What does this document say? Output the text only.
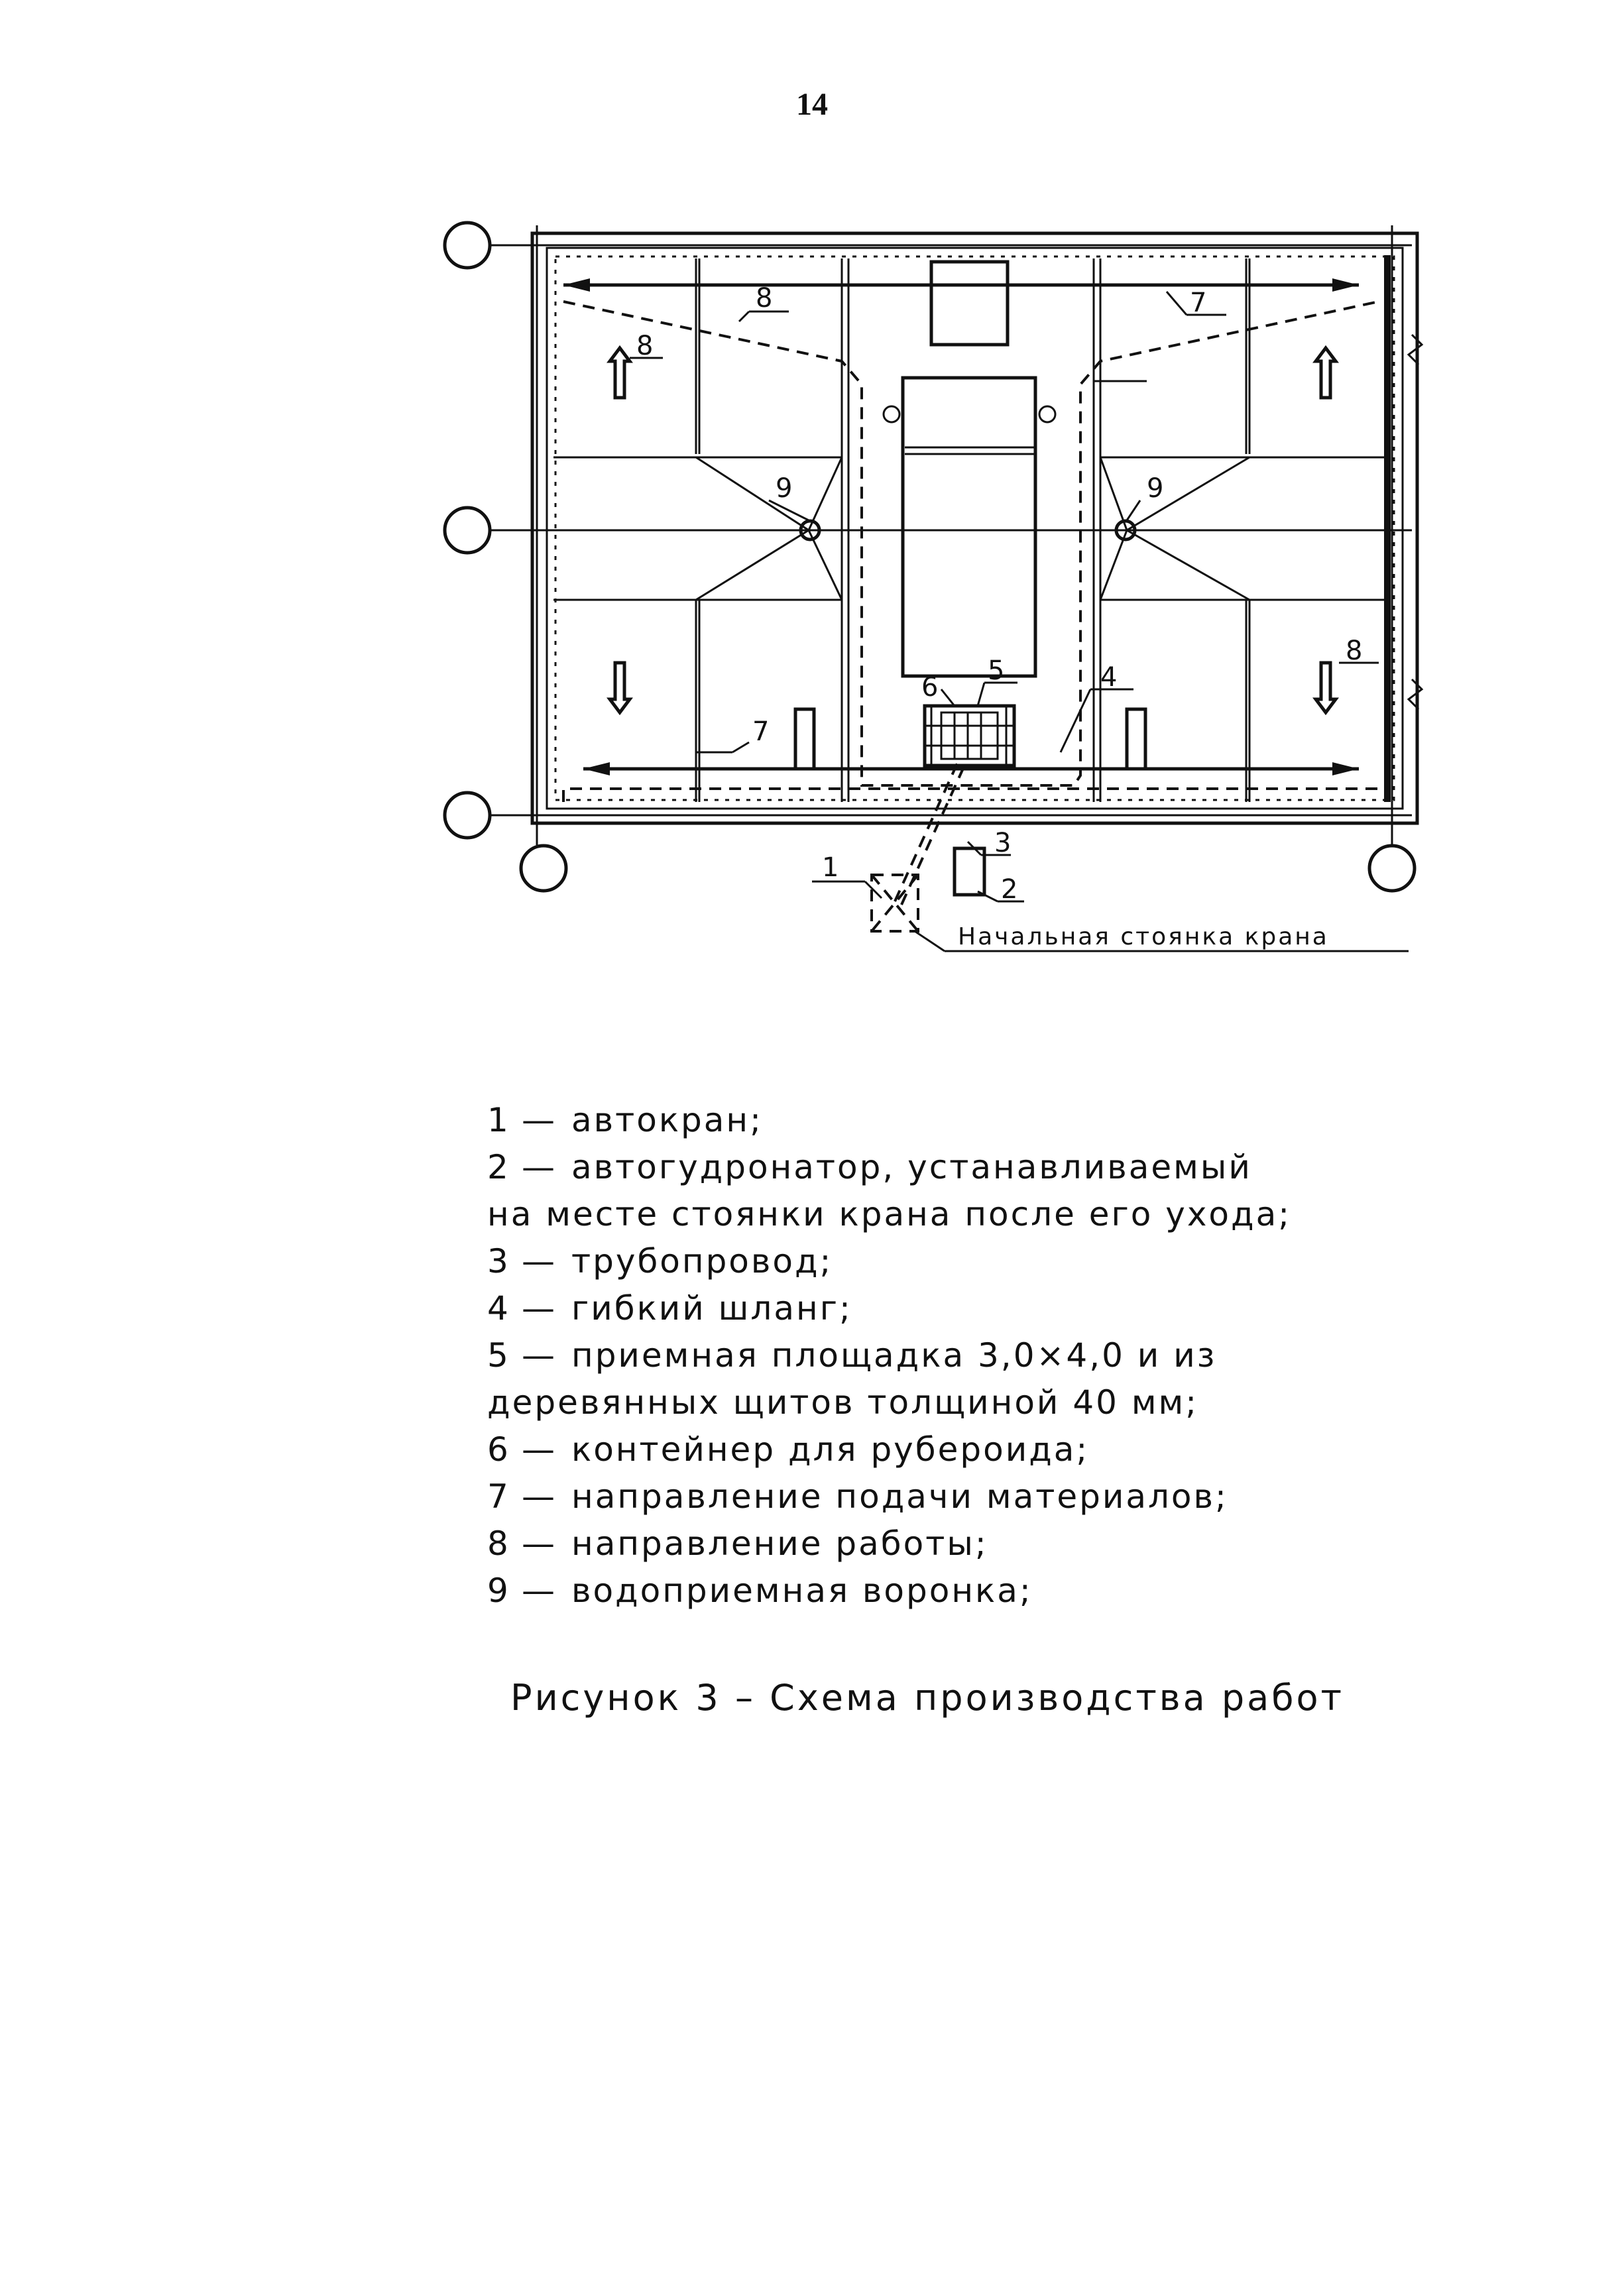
14
1
2
3
4
5
6
7
7
8
8
8
9	9
Начальная стоянка крана
1 — автокран;
2 — автогудронатор, устанавливаемый
на месте стоянки крана после его ухода;
3 — трубопровод;
4 — гибкий шланг;
5 — приемная площадка 3,0×4,0 и из
деревянных щитов толщиной 40 мм;
6 — контейнер для рубероида;
7 — направление подачи материалов;
8 — направление работы;
9 — водоприемная воронка;
Рисунок 3 – Схема производства работ
